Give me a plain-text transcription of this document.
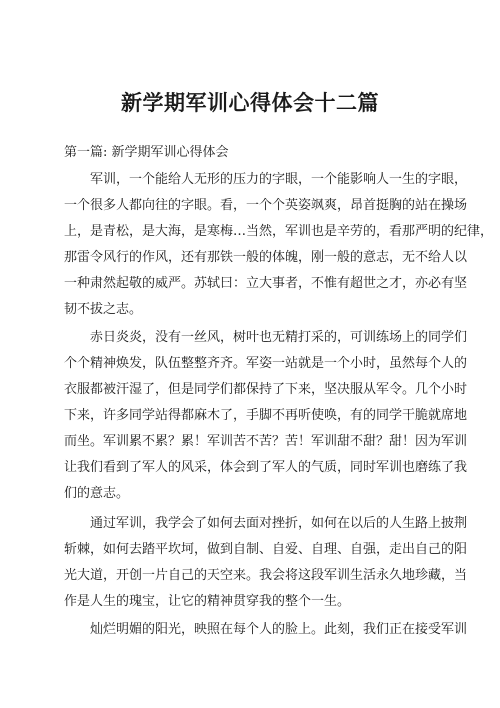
新学期军训心得体会十二篇
第一篇: 新学期军训心得体会
军训，一个能给人无形的压力的字眼，一个能影响人一生的字眼，
一个很多人都向往的字眼。看，一个个英姿飒爽，昂首挺胸的站在操场
上，是青松，是大海，是寒梅…当然，军训也是辛劳的，看那严明的纪律，
那雷令风行的作风，还有那铁一般的体魄，刚一般的意志，无不给人以
一种肃然起敬的威严。苏轼曰：立大事者，不惟有超世之才，亦必有坚
韧不拔之志。
赤日炎炎，没有一丝风，树叶也无精打采的，可训练场上的同学们
个个精神焕发，队伍整整齐齐。军姿一站就是一个小时，虽然每个人的
衣服都被汗湿了，但是同学们都保持了下来，坚决服从军令。几个小时
下来，许多同学站得都麻木了，手脚不再听使唤，有的同学干脆就席地
而坐。军训累不累？累！军训苦不苦？苦！军训甜不甜？甜！因为军训
让我们看到了军人的风采，体会到了军人的气质，同时军训也磨练了我
们的意志。
通过军训，我学会了如何去面对挫折，如何在以后的人生路上披荆
斩棘，如何去踏平坎坷，做到自制、自爱、自理、自强，走出自己的阳
光大道，开创一片自己的天空来。我会将这段军训生活永久地珍藏，当
作是人生的瑰宝，让它的精神贯穿我的整个一生。
灿烂明媚的阳光，映照在每个人的脸上。此刻，我们正在接受军训
